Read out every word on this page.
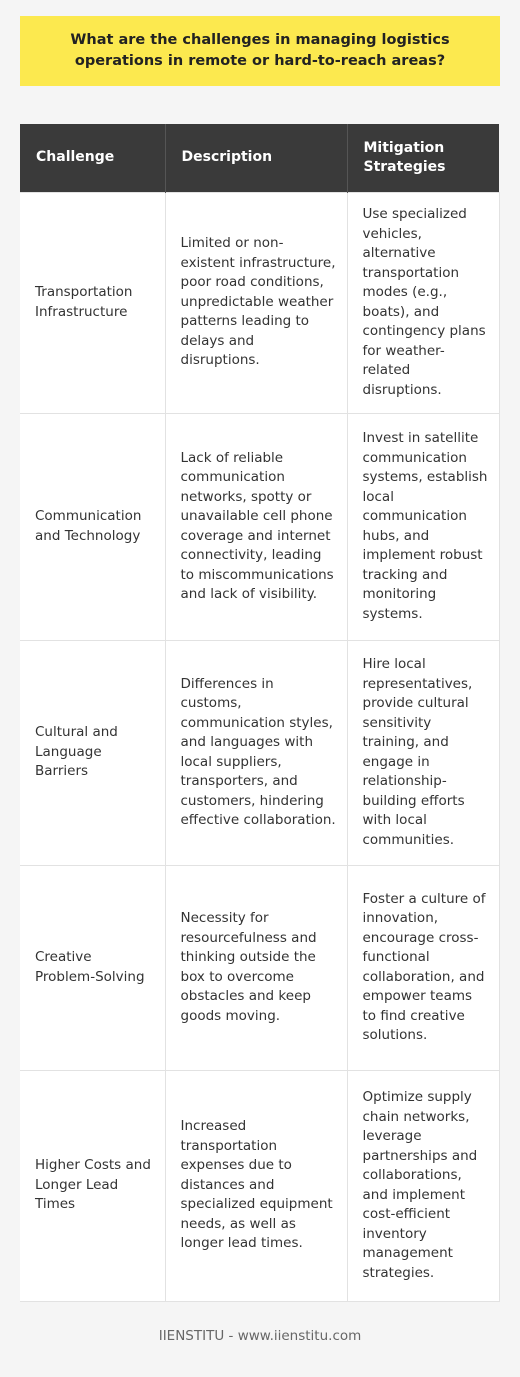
What are the challenges in managing logistics operations in remote or hard-to-reach areas?
Challenge	Description	Mitigation Strategies
Transportation Infrastructure	Limited or non-existent infrastructure, poor road conditions, unpredictable weather patterns leading to delays and disruptions.	Use specialized vehicles, alternative transportation modes (e.g., boats), and contingency plans for weather-related disruptions.
Communication and Technology	Lack of reliable communication networks, spotty or unavailable cell phone coverage and internet connectivity, leading to miscommunications and lack of visibility.	Invest in satellite communication systems, establish local communication hubs, and implement robust tracking and monitoring systems.
Cultural and Language Barriers	Differences in customs, communication styles, and languages with local suppliers, transporters, and customers, hindering effective collaboration.	Hire local representatives, provide cultural sensitivity training, and engage in relationship-building efforts with local communities.
Creative Problem-Solving	Necessity for resourcefulness and thinking outside the box to overcome obstacles and keep goods moving.	Foster a culture of innovation, encourage cross-functional collaboration, and empower teams to find creative solutions.
Higher Costs and Longer Lead Times	Increased transportation expenses due to distances and specialized equipment needs, as well as longer lead times.	Optimize supply chain networks, leverage partnerships and collaborations, and implement cost-efficient inventory management strategies.
IIENSTITU - www.iienstitu.com
